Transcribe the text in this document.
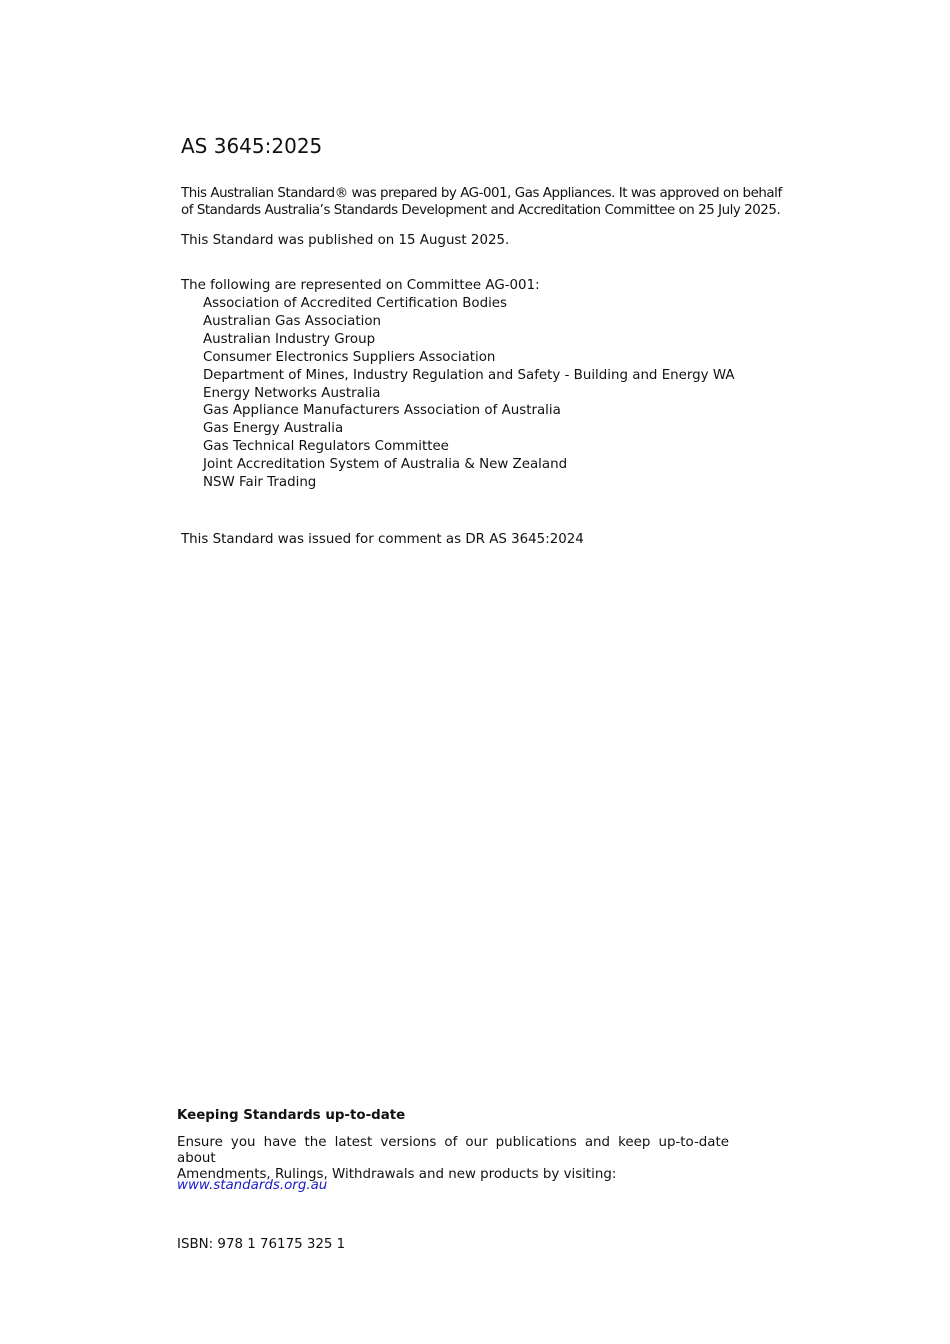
AS 3645:2025
This Australian Standard® was prepared by AG-001, Gas Appliances. It was approved on behalf
of Standards Australia’s Standards Development and Accreditation Committee on 25 July 2025.
This Standard was published on 15 August 2025.
The following are represented on Committee AG-001:
Association of Accredited Certification Bodies
Australian Gas Association
Australian Industry Group
Consumer Electronics Suppliers Association
Department of Mines, Industry Regulation and Safety - Building and Energy WA
Energy Networks Australia
Gas Appliance Manufacturers Association of Australia
Gas Energy Australia
Gas Technical Regulators Committee
Joint Accreditation System of Australia & New Zealand
NSW Fair Trading
This Standard was issued for comment as DR AS 3645:2024
Keeping Standards up-to-date
Ensure you have the latest versions of our publications and keep up-to-date about
Amendments, Rulings, Withdrawals and new products by visiting:
www.standards.org.au
ISBN: 978 1 76175 325 1
